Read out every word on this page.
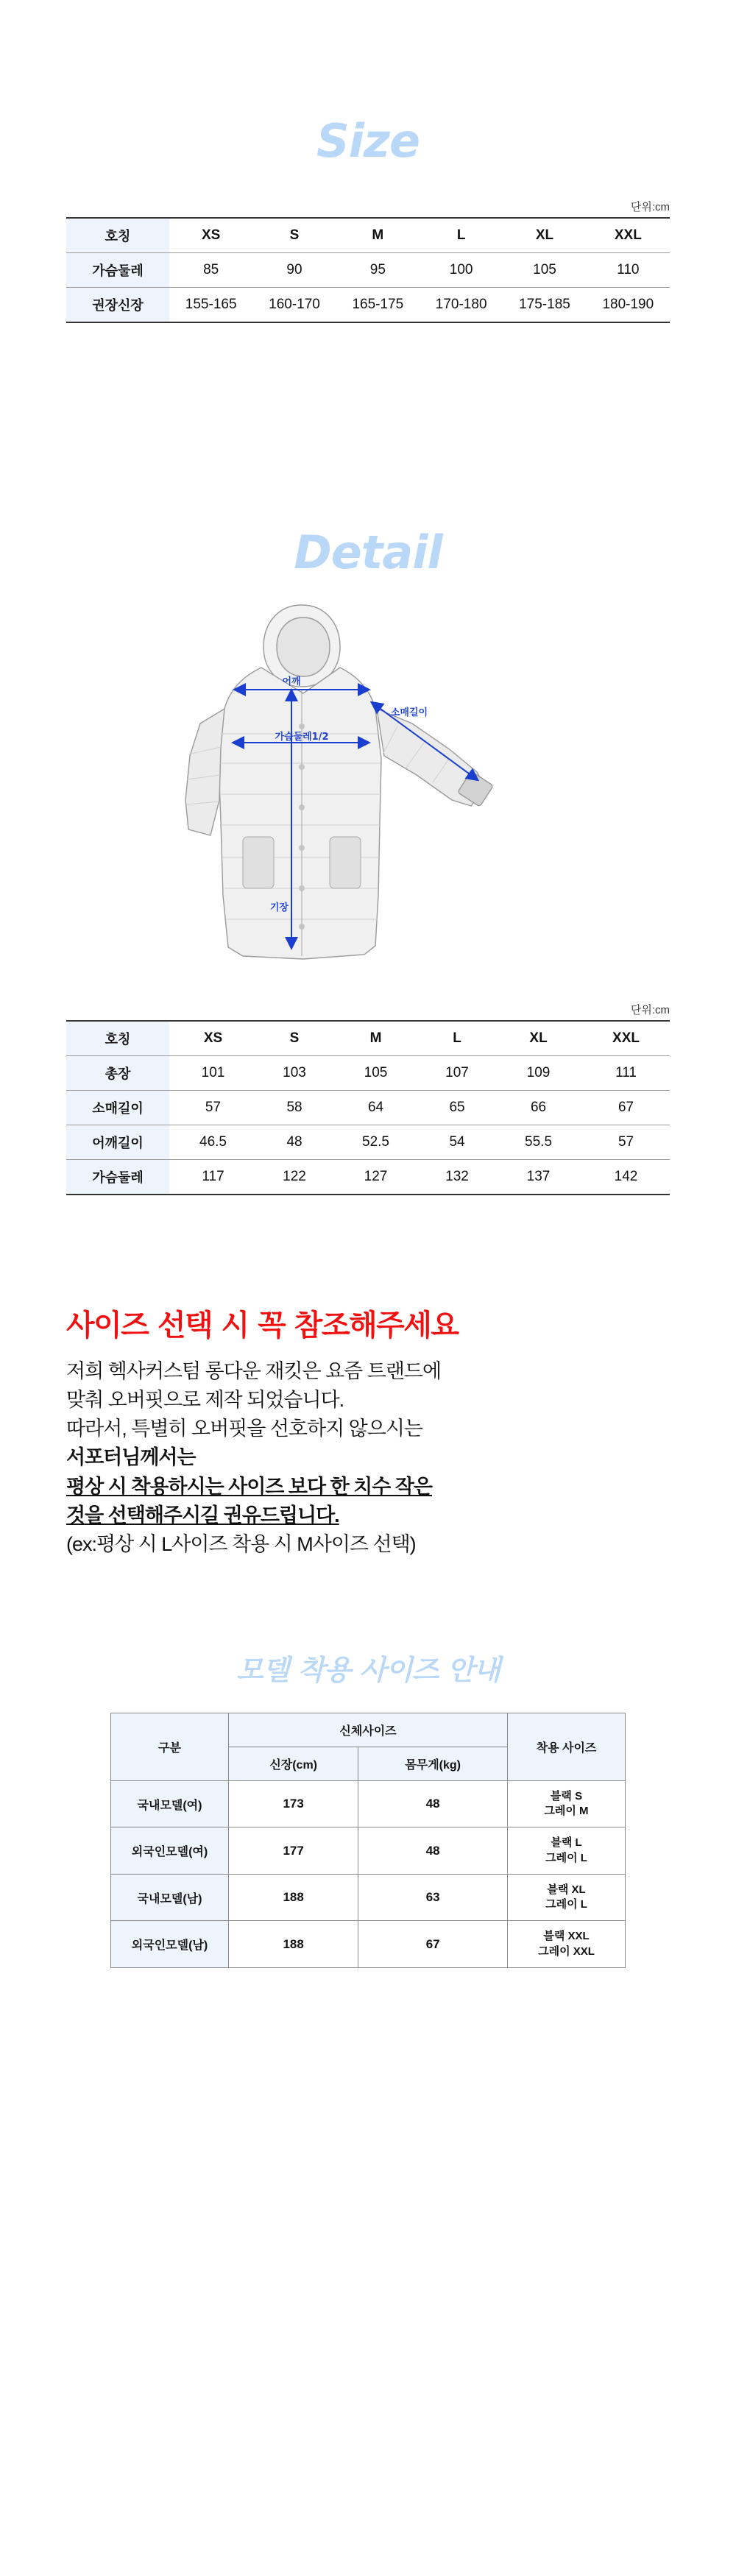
Size
단위:cm
호칭	XS	S	M	L	XL	XXL
가슴둘레	85	90	95	100	105	110
권장신장	155-165	160-170	165-175	170-180	175-185	180-190
Detail
어깨
소매길이
가슴둘레1/2
기장
단위:cm
호칭	XS	S	M	L	XL	XXL
총장	101	103	105	107	109	111
소매길이	57	58	64	65	66	67
어깨길이	46.5	48	52.5	54	55.5	57
가슴둘레	117	122	127	132	137	142
사이즈 선택 시 꼭 참조해주세요
저희 헥사커스텀 롱다운 재킷은 요즘 트랜드에
맞춰 오버핏으로 제작 되었습니다.
따라서, 특별히 오버핏을 선호하지 않으시는
서포터님께서는
평상 시 착용하시는 사이즈 보다 한 치수 작은
것을 선택해주시길 권유드립니다.
(ex:평상 시 L사이즈 착용 시 M사이즈 선택)
모델 착용 사이즈 안내
구분	신체사이즈		착용 사이즈
	신장(cm)	몸무게(kg)	
국내모델(여)	173	48	블랙 S
그레이 M

외국인모델(여)	177	48	블랙 L
그레이 L

국내모델(남)	188	63	블랙 XL
그레이 L

외국인모델(남)	188	67	블랙 XXL
그레이 XXL
